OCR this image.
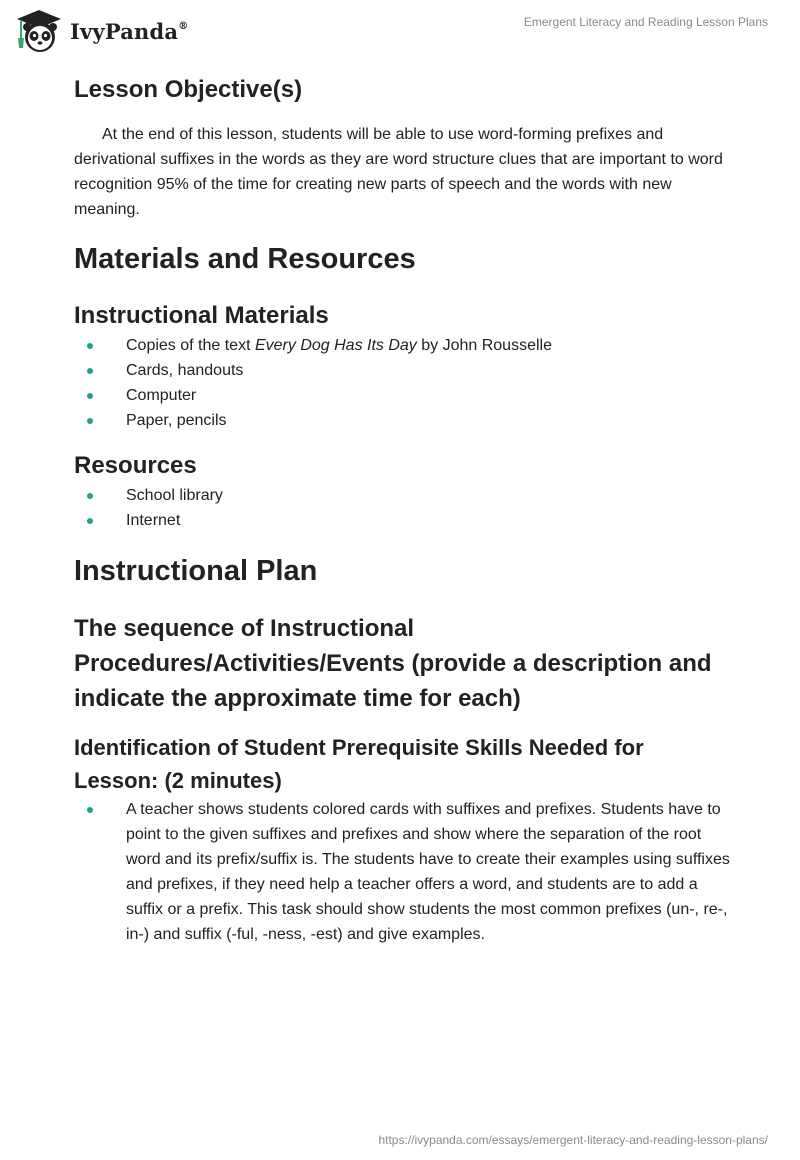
IvyPanda®	Emergent Literacy and Reading Lesson Plans
Lesson Objective(s)

At the end of this lesson, students will be able to use word-forming prefixes and derivational suffixes in the words as they are word structure clues that are important to word recognition 95% of the time for creating new parts of speech and the words with new meaning.

Materials and Resources
Instructional Materials
Copies of the text Every Dog Has Its Day by John Rousselle
Cards, handouts
Computer
Paper, pencils
Resources
School library
Internet
Instructional Plan
The sequence of Instructional Procedures/Activities/Events (provide a description and indicate the approximate time for each)
Identification of Student Prerequisite Skills Needed for Lesson: (2 minutes)
A teacher shows students colored cards with suffixes and prefixes. Students have to point to the given suffixes and prefixes and show where the separation of the root word and its prefix/suffix is. The students have to create their examples using suffixes and prefixes, if they need help a teacher offers a word, and students are to add a suffix or a prefix. This task should show students the most common prefixes (un-, re-, in-) and suffix (-ful, -ness, -est) and give examples.
https://ivypanda.com/essays/emergent-literacy-and-reading-lesson-plans/
